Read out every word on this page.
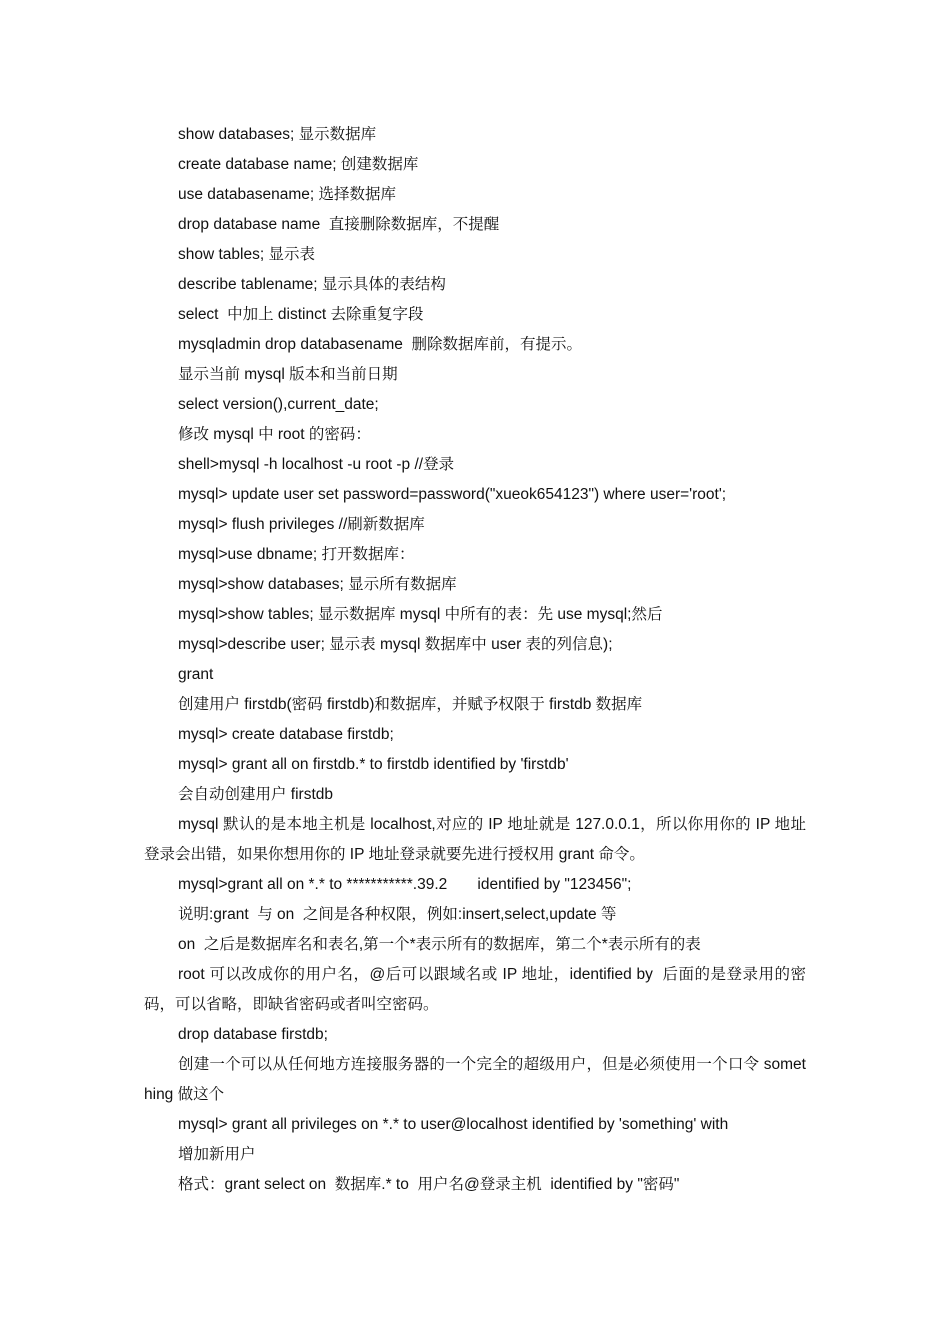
show databases; 显示数据库

create database name; 创建数据库

use databasename; 选择数据库

drop database name  直接删除数据库，不提醒

show tables; 显示表

describe tablename; 显示具体的表结构

select  中加上 distinct 去除重复字段

mysqladmin drop databasename  删除数据库前，有提示。

显示当前 mysql 版本和当前日期

select version(),current_date;

修改 mysql 中 root 的密码：

shell>mysql -h localhost -u root -p //登录

mysql> update user set password=password("xueok654123") where user='root';

mysql> flush privileges //刷新数据库

mysql>use dbname; 打开数据库：

mysql>show databases; 显示所有数据库

mysql>show tables; 显示数据库 mysql 中所有的表：先 use mysql;然后

mysql>describe user; 显示表 mysql 数据库中 user 表的列信息);

grant

创建用户 firstdb(密码 firstdb)和数据库，并赋予权限于 firstdb 数据库

mysql> create database firstdb;

mysql> grant all on firstdb.* to firstdb identified by 'firstdb'

会自动创建用户 firstdb

mysql 默认的是本地主机是 localhost,对应的 IP 地址就是 127.0.0.1，所以你用你的 IP 地址登录会出错，如果你想用你的 IP 地址登录就要先进行授权用 grant 命令。

mysql>grant all on *.* to ***********.39.2       identified by "123456";

说明:grant  与 on  之间是各种权限，例如:insert,select,update 等

on  之后是数据库名和表名,第一个*表示所有的数据库，第二个*表示所有的表

root 可以改成你的用户名，@后可以跟域名或 IP 地址，identified by  后面的是登录用的密码，可以省略，即缺省密码或者叫空密码。

drop database firstdb;

创建一个可以从任何地方连接服务器的一个完全的超级用户，但是必须使用一个口令 something 做这个

mysql> grant all privileges on *.* to user@localhost identified by 'something' with

增加新用户

格式：grant select on  数据库.* to  用户名@登录主机  identified by "密码"
